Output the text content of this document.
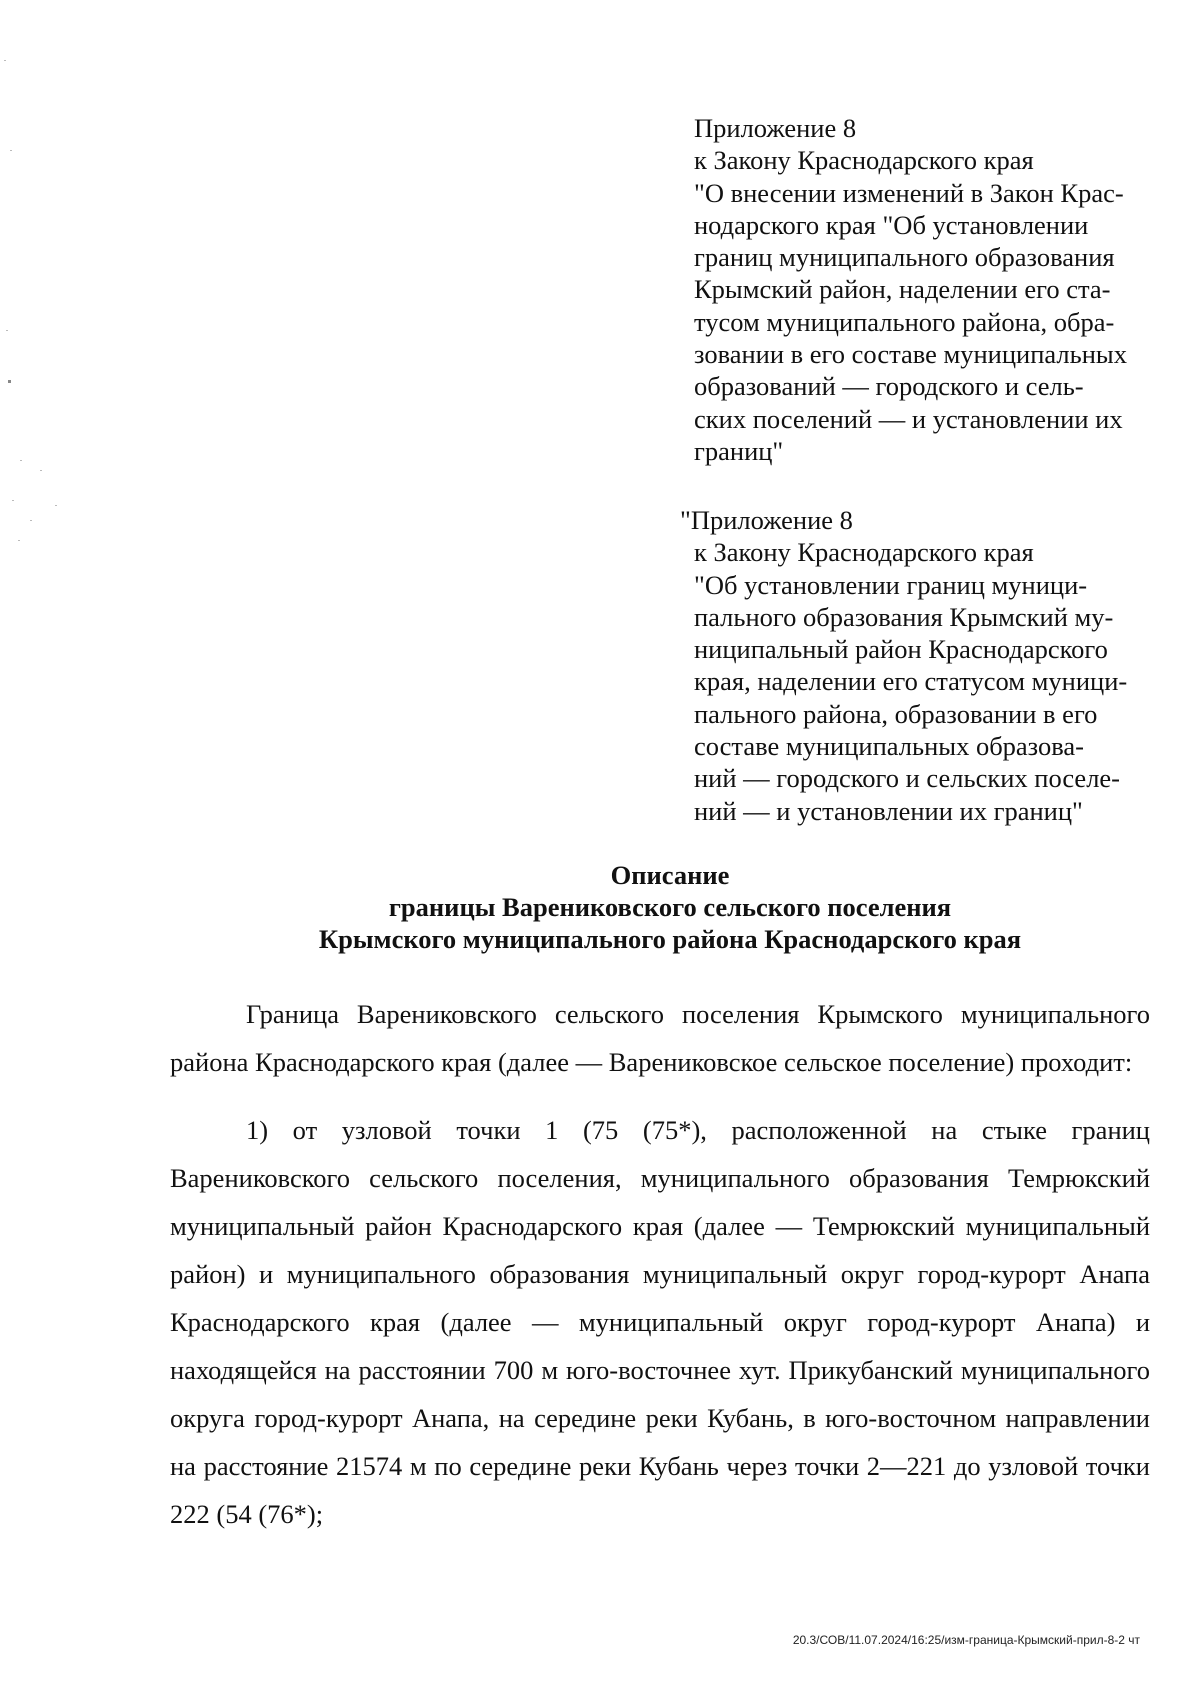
Приложение 8
к Закону Краснодарского края
"О внесении изменений в Закон Крас-
нодарского края "Об установлении
границ муниципального образования
Крымский район, наделении его ста-
тусом муниципального района, обра-
зовании в его составе муниципальных
образований — городского и сель-
ских поселений — и установлении их
границ"
"Приложение 8
к Закону Краснодарского края
"Об установлении границ муници-
пального образования Крымский му-
ниципальный район Краснодарского
края, наделении его статусом муници-
пального района, образовании в его
составе муниципальных образова-
ний — городского и сельских поселе-
ний — и установлении их границ"
Описание
границы Варениковского сельского поселения
Крымского муниципального района Краснодарского края

Граница Варениковского сельского поселения Крымского муниципального района Краснодарского края (далее — Варениковское сельское поселение) проходит:

1) от узловой точки 1 (75 (75*), расположенной на стыке границ Варениковского сельского поселения, муниципального образования Темрюкский муниципальный район Краснодарского края (далее — Темрюкский муниципальный район) и муниципального образования муниципальный округ город-курорт Анапа Краснодарского края (далее — муниципальный округ город-курорт Анапа) и находящейся на расстоянии 700 м юго-восточнее хут. Прикубанский муниципального округа город-курорт Анапа, на середине реки Кубань, в юго-восточном направлении на расстояние 21574 м по середине реки Кубань через точки 2—221 до узловой точки 222 (54 (76*);

20.3/СОВ/11.07.2024/16:25/изм-граница-Крымский-прил-8-2 чт
